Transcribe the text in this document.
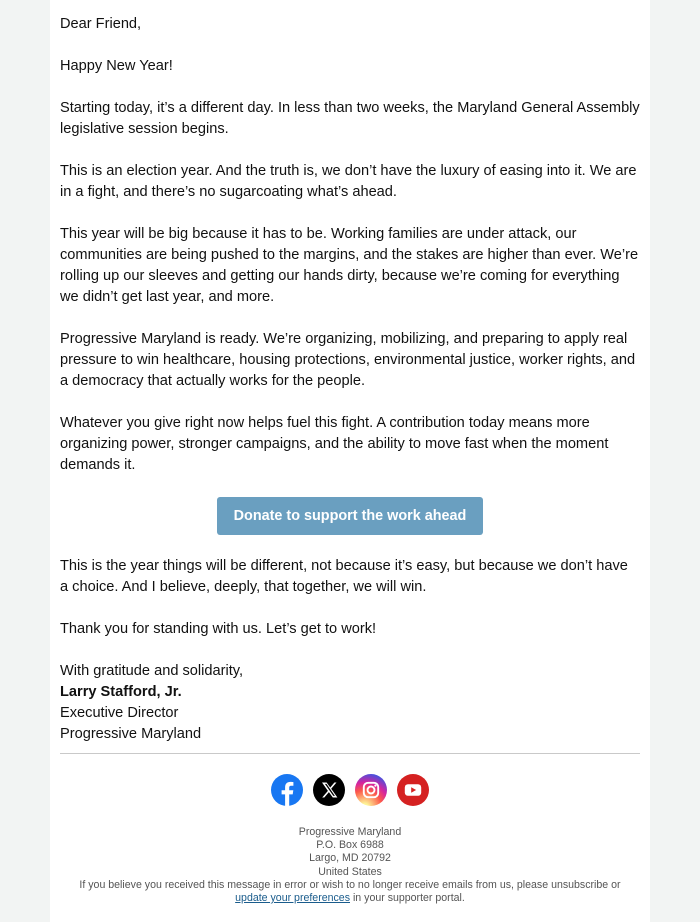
Dear Friend,

Happy New Year!

Starting today, it’s a different day. In less than two weeks, the Maryland General Assembly legislative session begins.

This is an election year. And the truth is, we don’t have the luxury of easing into it. We are in a fight, and there’s no sugarcoating what’s ahead.

This year will be big because it has to be. Working families are under attack, our communities are being pushed to the margins, and the stakes are higher than ever. We’re rolling up our sleeves and getting our hands dirty, because we’re coming for everything we didn’t get last year, and more.

Progressive Maryland is ready. We’re organizing, mobilizing, and preparing to apply real pressure to win healthcare, housing protections, environmental justice, worker rights, and a democracy that actually works for the people.

Whatever you give right now helps fuel this fight. A contribution today means more organizing power, stronger campaigns, and the ability to move fast when the moment demands it.

Donate to support the work ahead

This is the year things will be different, not because it’s easy, but because we don’t have a choice. And I believe, deeply, that together, we will win.

Thank you for standing with us. Let’s get to work!

With gratitude and solidarity,
Larry Stafford, Jr.
Executive Director
Progressive Maryland

Progressive Maryland
P.O. Box 6988
Largo, MD 20792
United States
If you believe you received this message in error or wish to no longer receive emails from us, please unsubscribe or
update your preferences in your supporter portal.
